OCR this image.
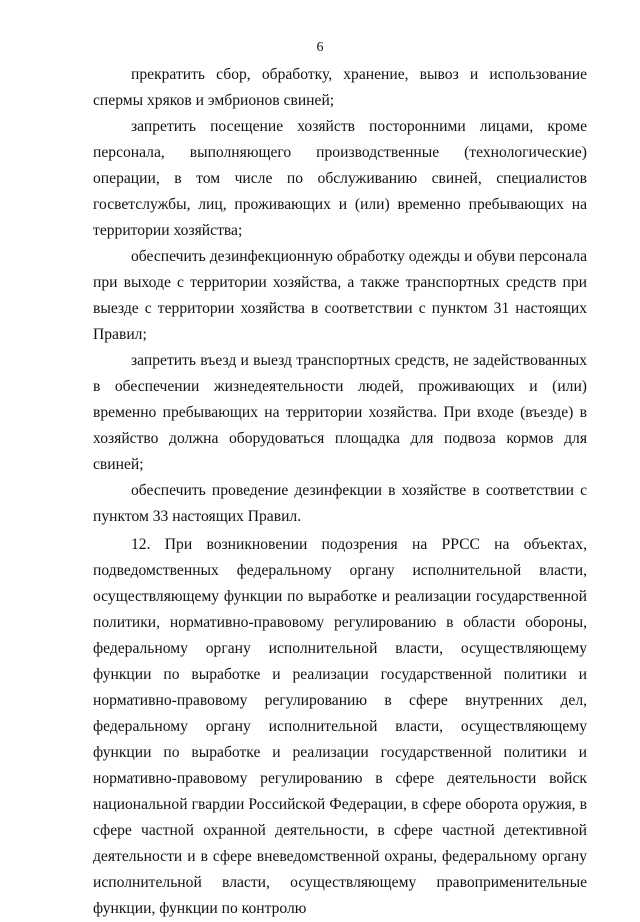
6

прекратить сбор, обработку, хранение, вывоз и использование спермы хряков и эмбрионов свиней;

запретить посещение хозяйств посторонними лицами, кроме персонала, выполняющего производственные (технологические) операции, в том числе по обслуживанию свиней, специалистов госветслужбы, лиц, проживающих и (или) временно пребывающих на территории хозяйства;

обеспечить дезинфекционную обработку одежды и обуви персонала при выходе с территории хозяйства, а также транспортных средств при выезде с территории хозяйства в соответствии с пунктом 31 настоящих Правил;

запретить въезд и выезд транспортных средств, не задействованных в обеспечении жизнедеятельности людей, проживающих и (или) временно пребывающих на территории хозяйства. При входе (въезде) в хозяйство должна оборудоваться площадка для подвоза кормов для свиней;

обеспечить проведение дезинфекции в хозяйстве в соответствии с пунктом 33 настоящих Правил.

12. При возникновении подозрения на РРСС на объектах, подведомственных федеральному органу исполнительной власти, осуществляющему функции по выработке и реализации государственной политики, нормативно-правовому регулированию в области обороны, федеральному органу исполнительной власти, осуществляющему функции по выработке и реализации государственной политики и нормативно-правовому регулированию в сфере внутренних дел, федеральному органу исполнительной власти, осуществляющему функции по выработке и реализации государственной политики и нормативно-правовому регулированию в сфере деятельности войск национальной гвардии Российской Федерации, в сфере оборота оружия, в сфере частной охранной деятельности, в сфере частной детективной деятельности и в сфере вневедомственной охраны, федеральному органу исполнительной власти, осуществляющему правоприменительные функции, функции по контролю
